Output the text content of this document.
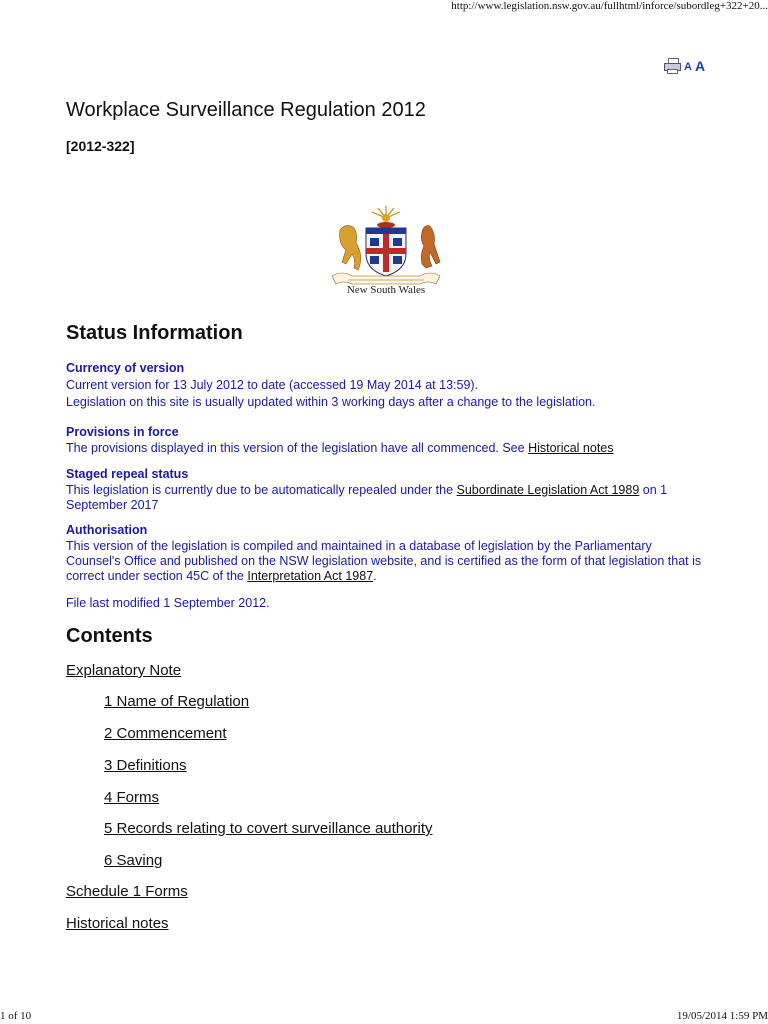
http://www.legislation.nsw.gov.au/fullhtml/inforce/subordleg+322+20...
A A
Workplace Surveillance Regulation 2012
[2012-322]
New South Wales
Status Information
Currency of version
Current version for 13 July 2012 to date (accessed 19 May 2014 at 13:59).
Legislation on this site is usually updated within 3 working days after a change to the legislation.
Provisions in force
The provisions displayed in this version of the legislation have all commenced. See Historical notes
Staged repeal status
This legislation is currently due to be automatically repealed under the Subordinate Legislation Act 1989 on 1 September 2017
Authorisation
This version of the legislation is compiled and maintained in a database of legislation by the Parliamentary Counsel's Office and published on the NSW legislation website, and is certified as the form of that legislation that is correct under section 45C of the Interpretation Act 1987.
File last modified 1 September 2012.
Contents
Explanatory Note
1 Name of Regulation
2 Commencement
3 Definitions
4 Forms
5 Records relating to covert surveillance authority
6 Saving
Schedule 1 Forms
Historical notes
1 of 10	19/05/2014 1:59 PM
